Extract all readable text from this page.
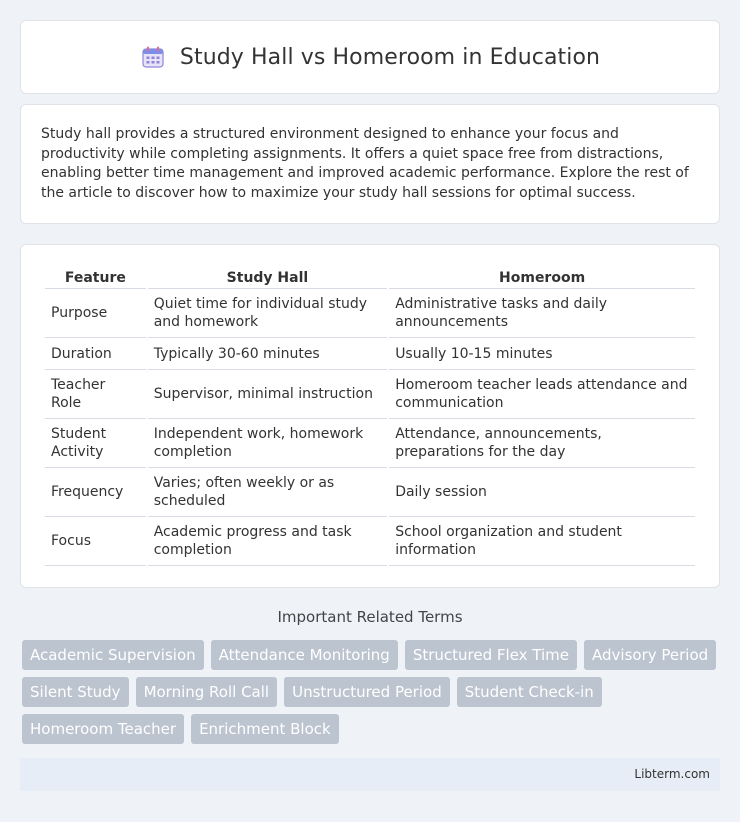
Study Hall vs Homeroom in Education

Study hall provides a structured environment designed to enhance your focus and productivity while completing assignments. It offers a quiet space free from distractions, enabling better time management and improved academic performance. Explore the rest of the article to discover how to maximize your study hall sessions for optimal success.

Feature	Study Hall	Homeroom
Purpose	Quiet time for individual study and homework	Administrative tasks and daily announcements
Duration	Typically 30-60 minutes	Usually 10-15 minutes
Teacher Role	Supervisor, minimal instruction	Homeroom teacher leads attendance and communication
Student Activity	Independent work, homework completion	Attendance, announcements, preparations for the day
Frequency	Varies; often weekly or as scheduled	Daily session
Focus	Academic progress and task completion	School organization and student information
Important Related Terms
Academic Supervision	Attendance Monitoring	Structured Flex Time	Advisory Period
Silent Study	Morning Roll Call	Unstructured Period	Student Check-in
Homeroom Teacher	Enrichment Block
Libterm.com
